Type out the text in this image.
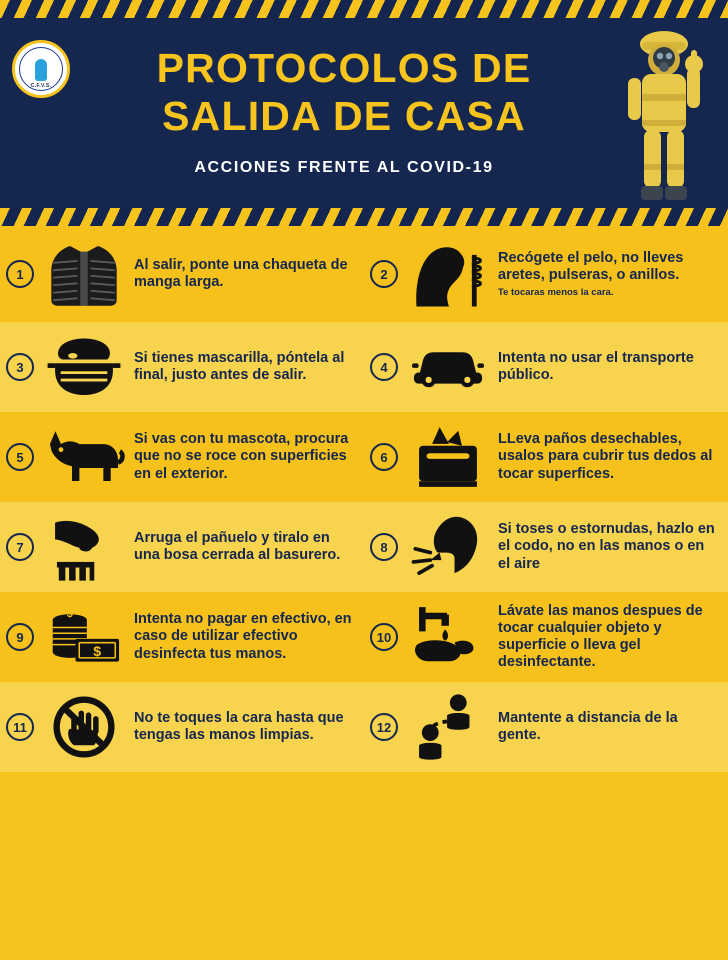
C.F.V.S.	PROTOCOLOS DE
SALIDA DE CASA
ACCIONES FRENTE AL COVID-19
1
Al salir, ponte una chaqueta de manga larga.	2
Recógete el pelo, no lleves aretes, pulseras, o anillos.
Te tocaras menos la cara.
3
Si tienes mascarilla, póntela al final, justo antes de salir.	4
Intenta no usar el transporte público.
5
Si vas con tu mascota, procura que no se roce con superficies en el exterior.
6
LLeva paños desechables, usalos para cubrir tus dedos al tocar superfices.
7
Arruga el pañuelo y tiralo en una bosa cerrada al basurero.	8
Si toses o estornudas, hazlo en el codo, no en las manos o en el aire
9
$
$
Intenta no pagar en efectivo, en caso de utilizar efectivo desinfecta tus manos.
10
Lávate las manos despues de tocar cualquier objeto y superficie o lleva gel desinfectante.
11
No te toques la cara hasta que tengas las manos limpias.	12
Mantente a distancia de la gente.
